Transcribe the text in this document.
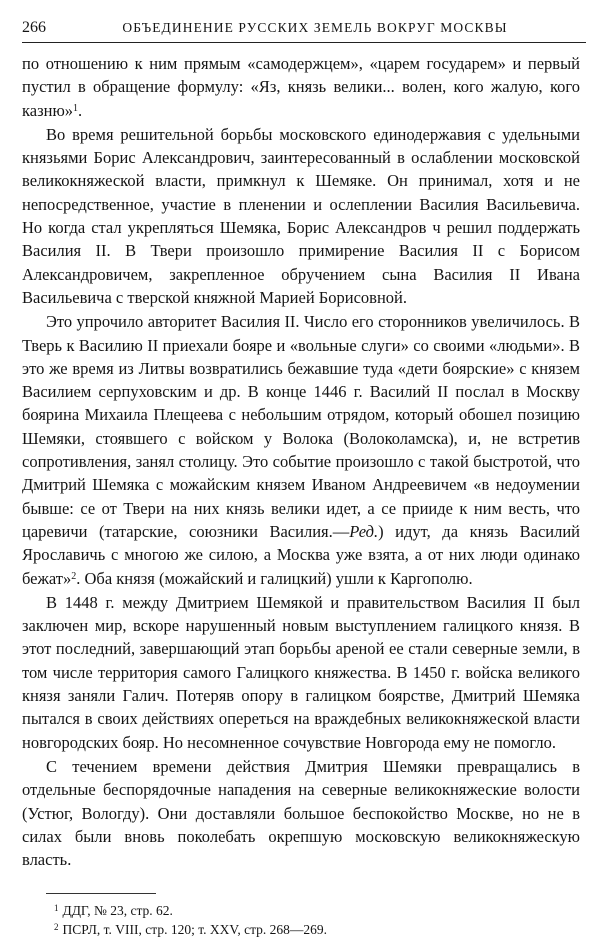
266	ОБЪЕДИНЕНИЕ РУССКИХ ЗЕМЕЛЬ ВОКРУГ МОСКВЫ

по отношению к ним прямым «самодержцем», «царем государем» и первый пустил в обращение формулу: «Яз, князь велики... волен, кого жалую, кого казню»$^1$.

Во время решительной борьбы московского единодержавия с удельными князьями Борис Александрович, заинтересованный в ослаблении московской великокняжеской власти, примкнул к Шемяке. Он принимал, хотя и не непосредственное, участие в пленении и ослеплении Василия Васильевича. Но когда стал укрепляться Шемяка, Борис Александров ч решил поддержать Василия II. В Твери произошло примирение Василия II с Борисом Александровичем, закрепленное обручением сына Василия II Ивана Васильевича с тверской княжной Марией Борисовной.

Это упрочило авторитет Василия II. Число его сторонников увеличилось. В Тверь к Василию II приехали бояре и «вольные слуги» со своими «людьми». В это же время из Литвы возвратились бежавшие туда «дети боярские» с князем Василием серпуховским и др. В конце 1446 г. Василий II послал в Москву боярина Михаила Плещеева с небольшим отрядом, который обошел позицию Шемяки, стоявшего с войском у Волока (Волоколамска), и, не встретив сопротивления, занял столицу. Это событие произошло с такой быстротой, что Дмитрий Шемяка с можайским князем Иваном Андреевичем «в недоумении бывше: се от Твери на них князь велики идет, а се прииде к ним весть, что царевичи (татарские, союзники Василия.—Ред.) идут, да князь Василий Ярославичь с многою же силою, а Москва уже взята, а от них люди одинако бежат»$^2$. Оба князя (можайский и галицкий) ушли к Каргополю.

В 1448 г. между Дмитрием Шемякой и правительством Василия II был заключен мир, вскоре нарушенный новым выступлением галицкого князя. В этот последний, завершающий этап борьбы ареной ее стали северные земли, в том числе территория самого Галицкого княжества. В 1450 г. войска великого князя заняли Галич. Потеряв опору в галицком боярстве, Дмитрий Шемяка пытался в своих действиях опереться на враждебных великокняжеской власти новгородских бояр. Но несомненное сочувствие Новгорода ему не помогло.

С течением времени действия Дмитрия Шемяки превращались в отдельные беспорядочные нападения на северные великокняжеские волости (Устюг, Вологду). Они доставляли большое беспокойство Москве, но не в силах были вновь поколебать окрепшую московскую великокняжескую власть.

$^1$ ДДГ, № 23, стр. 62.

$^2$ ПСРЛ, т. VIII, стр. 120; т. XXV, стр. 268—269.
